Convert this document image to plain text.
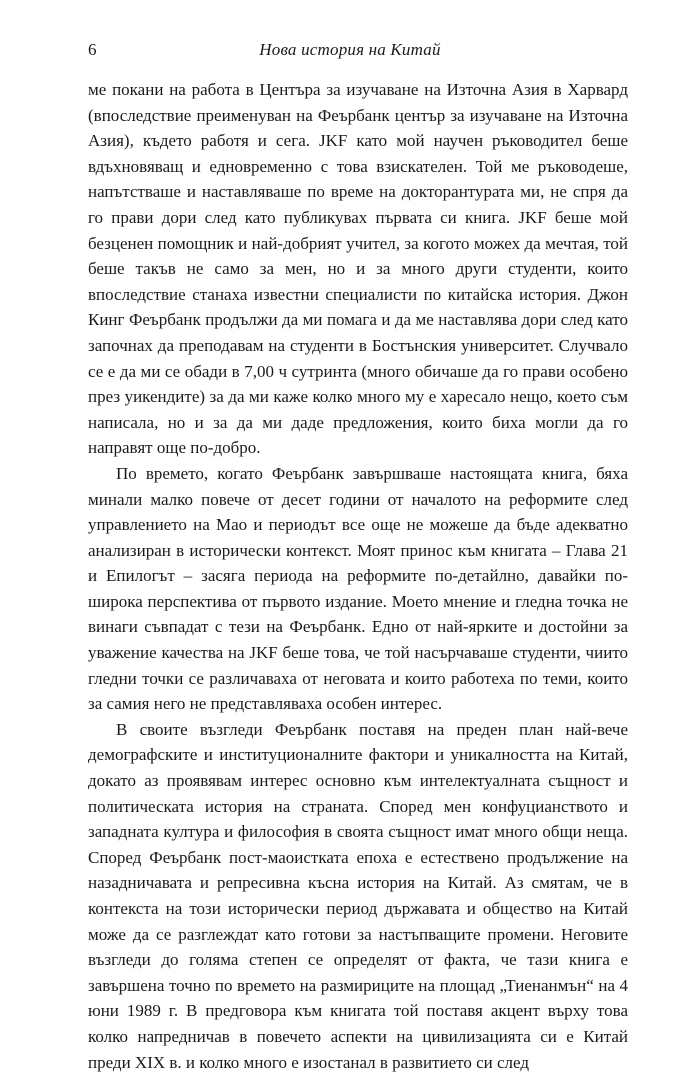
6	Нова история на Китай

ме покани на работа в Центъра за изучаване на Източна Азия в Харвард (впоследствие преименуван на Феърбанк център за изучаване на Източна Азия), където работя и сега. JKF като мой научен ръководител беше вдъхновяващ и едновременно с това взискателен. Той ме ръководеше, напътстваше и наставляваше по време на докторантурата ми, не спря да го прави дори след като публикувах първата си книга. JKF беше мой безценен помощник и най-добрият учител, за когото можех да мечтая, той беше такъв не само за мен, но и за много други студенти, които впоследствие станаха известни специалисти по китайска история. Джон Кинг Феърбанк продължи да ми помага и да ме наставлява дори след като започнах да преподавам на студенти в Бостънския университет. Случвало се е да ми се обади в 7,00 ч сутринта (много обичаше да го прави особено през уикендите) за да ми каже колко много му е харесало нещо, което съм написала, но и за да ми даде предложения, които биха могли да го направят още по-добро.

По времето, когато Феърбанк завършваше настоящата книга, бяха минали малко повече от десет години от началото на реформите след управлението на Мао и периодът все още не можеше да бъде адекватно анализиран в исторически контекст. Моят принос към книгата – Глава 21 и Епилогът – засяга периода на реформите по-детайлно, давайки по-широка перспектива от първото издание. Моето мнение и гледна точка не винаги съвпадат с тези на Феърбанк. Едно от най-ярките и достойни за уважение качества на JKF беше това, че той насърчаваше студенти, чиито гледни точки се различаваха от неговата и които работеха по теми, които за самия него не представляваха особен интерес.

В своите възгледи Феърбанк поставя на преден план най-вече демографските и институционалните фактори и уникалността на Китай, докато аз проявявам интерес основно към интелектуалната същност и политическата история на страната. Според мен конфуцианството и западната култура и философия в своята същност имат много общи неща. Според Феърбанк пост-маоистката епоха е естествено продължение на назадничавата и репресивна късна история на Китай. Аз смятам, че в контекста на този исторически период държавата и общество на Китай може да се разглеждат като готови за настъпващите промени. Неговите възгледи до голяма степен се определят от факта, че тази книга е завършена точно по времето на размириците на площад „Тиенанмън“ на 4 юни 1989 г. В предговора към книгата той поставя акцент върху това колко напредничав в повечето аспекти на цивилизацията си е Китай преди XIX в. и колко много е изостанал в развитието си след
